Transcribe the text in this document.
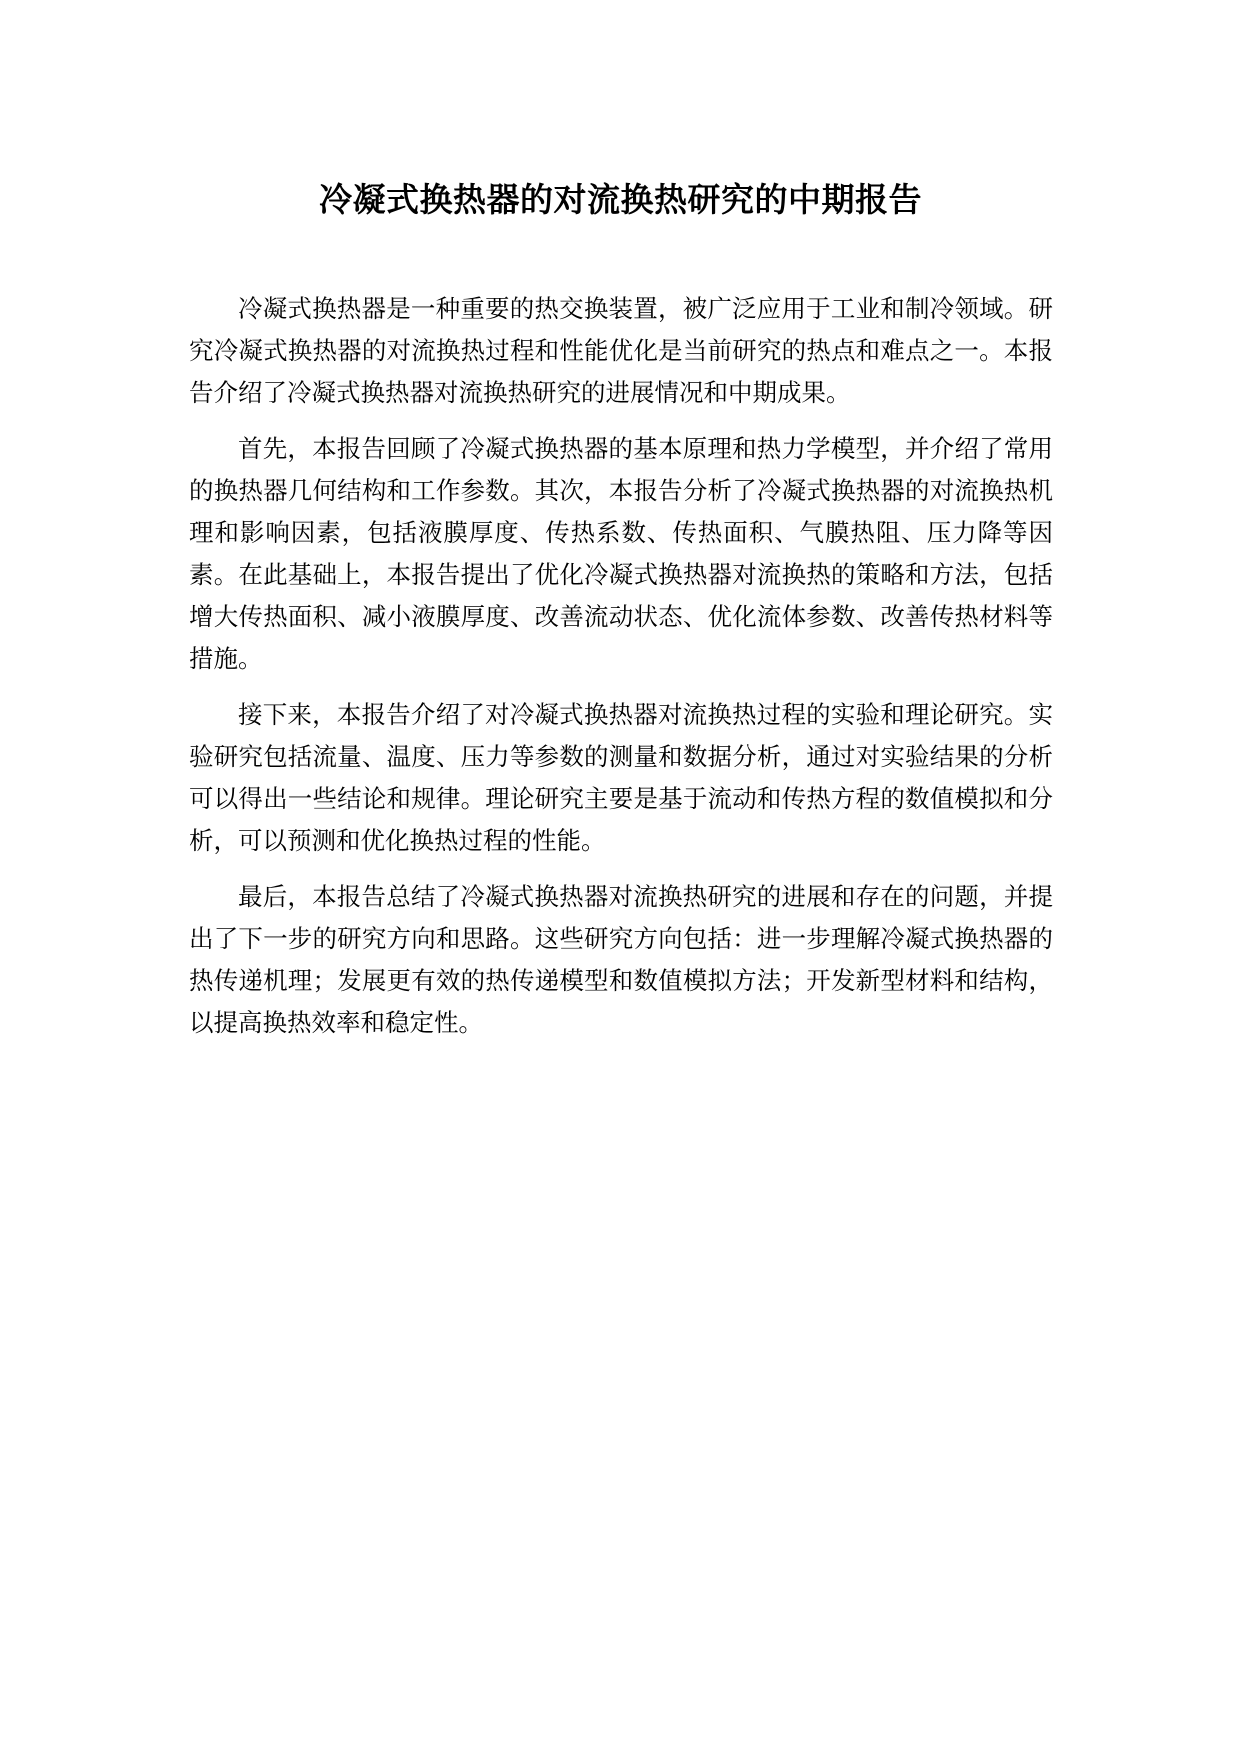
冷凝式换热器的对流换热研究的中期报告

冷凝式换热器是一种重要的热交换装置，被广泛应用于工业和制冷领域。研究冷凝式换热器的对流换热过程和性能优化是当前研究的热点和难点之一。本报告介绍了冷凝式换热器对流换热研究的进展情况和中期成果。

首先，本报告回顾了冷凝式换热器的基本原理和热力学模型，并介绍了常用的换热器几何结构和工作参数。其次，本报告分析了冷凝式换热器的对流换热机理和影响因素，包括液膜厚度、传热系数、传热面积、气膜热阻、压力降等因素。在此基础上，本报告提出了优化冷凝式换热器对流换热的策略和方法，包括增大传热面积、减小液膜厚度、改善流动状态、优化流体参数、改善传热材料等措施。

接下来，本报告介绍了对冷凝式换热器对流换热过程的实验和理论研究。实验研究包括流量、温度、压力等参数的测量和数据分析，通过对实验结果的分析可以得出一些结论和规律。理论研究主要是基于流动和传热方程的数值模拟和分析，可以预测和优化换热过程的性能。

最后，本报告总结了冷凝式换热器对流换热研究的进展和存在的问题，并提出了下一步的研究方向和思路。这些研究方向包括：进一步理解冷凝式换热器的热传递机理；发展更有效的热传递模型和数值模拟方法；开发新型材料和结构，以提高换热效率和稳定性。
